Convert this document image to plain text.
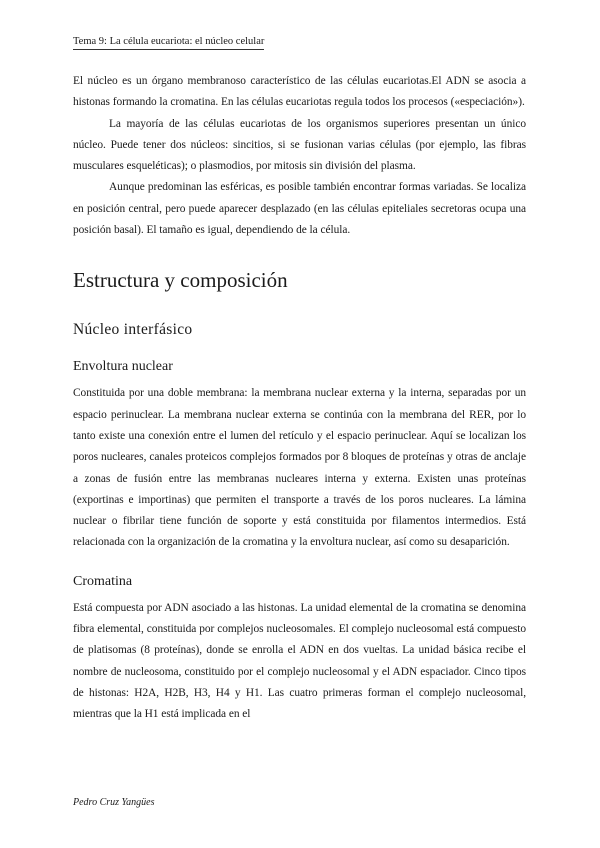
Tema 9: La célula eucariota: el núcleo celular

El núcleo es un órgano membranoso característico de las células eucariotas.El ADN se asocia a histonas formando la cromatina. En las células eucariotas regula todos los procesos («especiación»).

La mayoría de las células eucariotas de los organismos superiores presentan un único núcleo. Puede tener dos núcleos: sincitios, si se fusionan varias células (por ejemplo, las fibras musculares esqueléticas); o plasmodios, por mitosis sin división del plasma.

Aunque predominan las esféricas, es posible también encontrar formas variadas. Se localiza en posición central, pero puede aparecer desplazado (en las células epiteliales secretoras ocupa una posición basal). El tamaño es igual, dependiendo de la célula.

Estructura y composición
Núcleo interfásico
Envoltura nuclear

Constituida por una doble membrana: la membrana nuclear externa y la interna, separadas por un espacio perinuclear. La membrana nuclear externa se continúa con la membrana del RER, por lo tanto existe una conexión entre el lumen del retículo y el espacio perinuclear. Aquí se localizan los poros nucleares, canales proteicos complejos formados por 8 bloques de proteínas y otras de anclaje a zonas de fusión entre las membranas nucleares interna y externa. Existen unas proteínas (exportinas e importinas) que permiten el transporte a través de los poros nucleares. La lámina nuclear o fibrilar tiene función de soporte y está constituida por filamentos intermedios. Está relacionada con la organización de la cromatina y la envoltura nuclear, así como su desaparición.

Cromatina

Está compuesta por ADN asociado a las histonas. La unidad elemental de la cromatina se denomina fibra elemental, constituida por complejos nucleosomales. El complejo nucleosomal está compuesto de platisomas (8 proteínas), donde se enrolla el ADN en dos vueltas. La unidad básica recibe el nombre de nucleosoma, constituido por el complejo nucleosomal y el ADN espaciador. Cinco tipos de histonas: H2A, H2B, H3, H4 y H1. Las cuatro primeras forman el complejo nucleosomal, mientras que la H1 está implicada en el

Pedro Cruz Yangües
